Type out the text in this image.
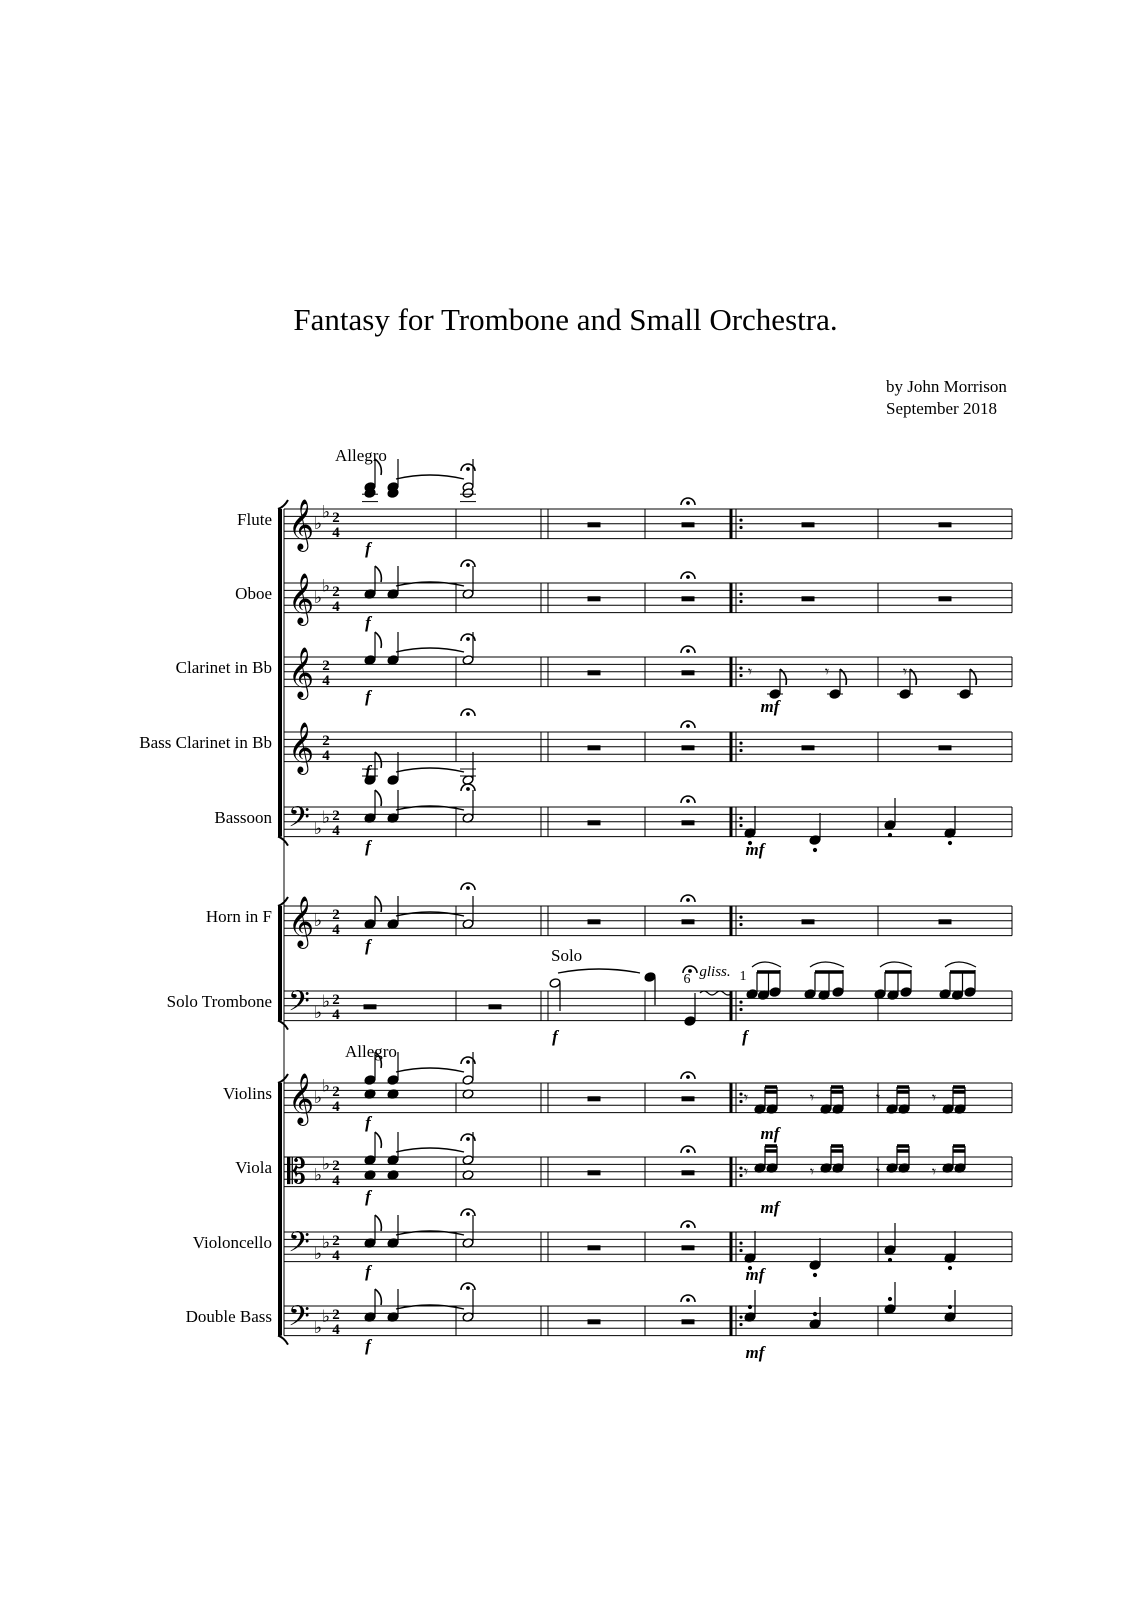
Fantasy for Trombone and Small Orchestra.
by John Morrison
September 2018
Flute 𝄞 ♭
♭ 2
4
Oboe 𝄞 ♭
♭ 2
4
Clarinet in Bb 𝄞 2
4
Bass Clarinet in Bb 𝄞 2
4
Bassoon 𝄢 ♭
♭ 2
4
Horn in F 𝄞 ♭ 2
4
Solo Trombone 𝄢 ♭
♭ 2
4
Violins 𝄞 ♭
♭ 2
4
Viola 𝄡 ♭
♭ 2
4
Violoncello 𝄢 ♭
♭ 2
4
Double Bass 𝄢 ♭
♭ 2
4
f
f
f
f
f
f
f
f
f
f
Allegro
Allegro
Solo
6 gliss.
f
1
f
𝄾	𝄾	𝄾
mf
mf
mf
mf
𝄾	𝄾	𝄾	𝄾
mf
𝄾	𝄾	𝄾	𝄾
mf
